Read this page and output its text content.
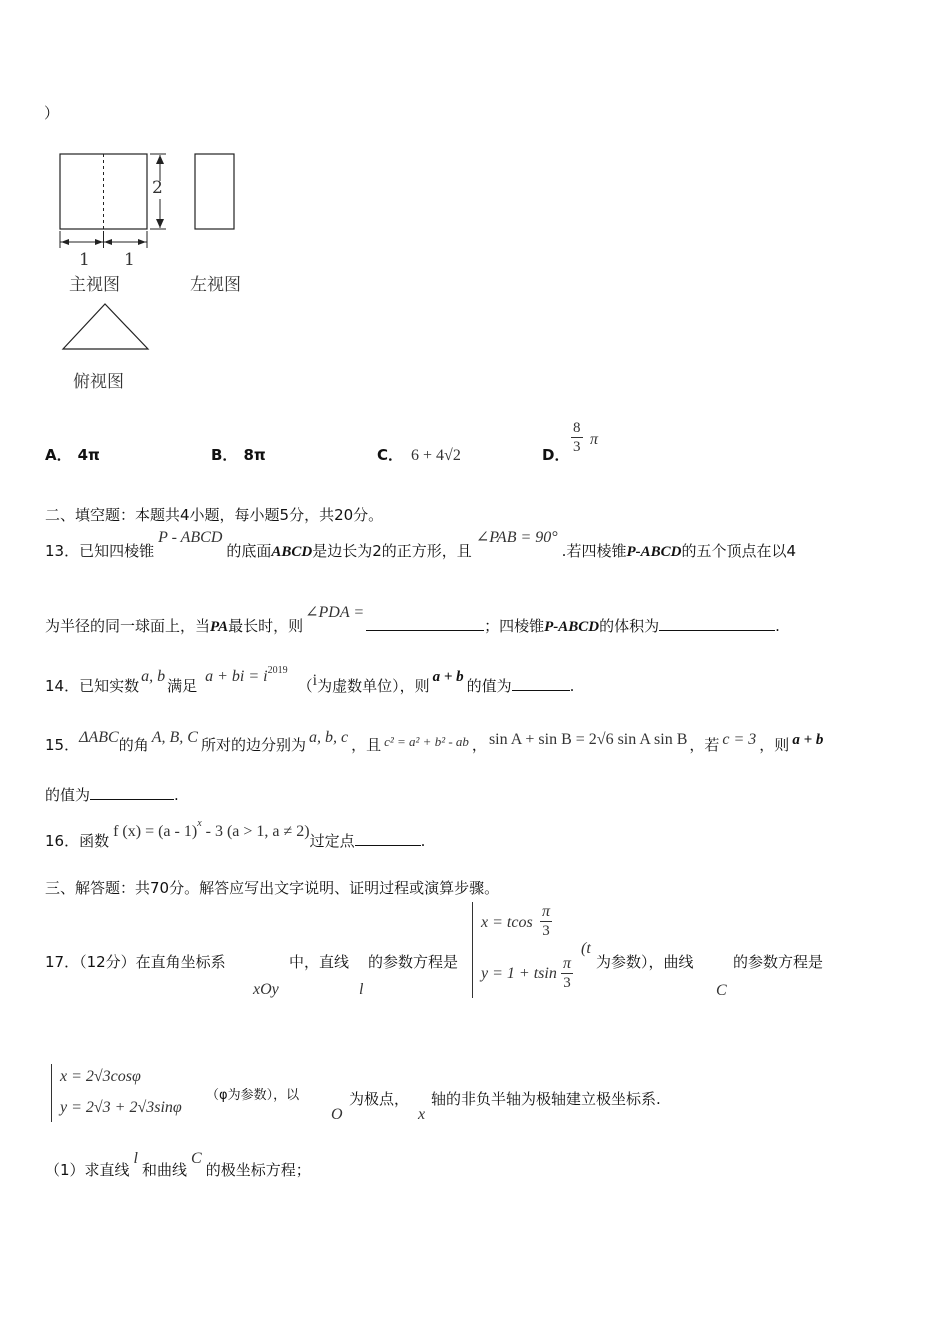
）
2
1 1
主视图	左视图
俯视图
A． 4π	B． 8π	C． 6 + 4√2	D． $\frac{8}{3}$ π
二、填空题：本题共4小题，每小题5分，共20分。
13．已知四棱锥P - ABCD的底面ABCD是边长为2的正方形，且∠PAB = 90°.若四棱锥P-ABCD的五个顶点在以4
为半径的同一球面上，当PA最长时，则∠PDA =；四棱锥P-ABCD的体积为	.
14．已知实数a, b满足a + bi = $i^{2019}(i$为虚数单位），则 a + b 的值为	.
15．ΔABC的角 A, B, C 所对的边分别为 a, b, c ，且 c² = a² + b² - ab ， sin A + sin B = 2√6 sin A sin B ，若 c = 3 ，则 a + b
的值为	.
16．函数f (x) = (a - 1)$^x$ - 3 (a > 1, a ≠ 2)过定点	.
三、解答题：共70分。解答应写出文字说明、证明过程或演算步骤。
17．（12分）在直角坐标系
xOy
中，直线
l
的参数方程是
x = tcos $\frac{\pi}{3}$
y = 1 + tsin $\frac{\pi}{3}$
(t
为参数），曲线
C
的参数方程是
x = 2√3cosφ
y = 2√3 + 2√3sinφ
（φ为参数），以
O
为极点，
x
轴的非负半轴为极轴建立极坐标系.
（1）求直线l和曲线C的极坐标方程；
